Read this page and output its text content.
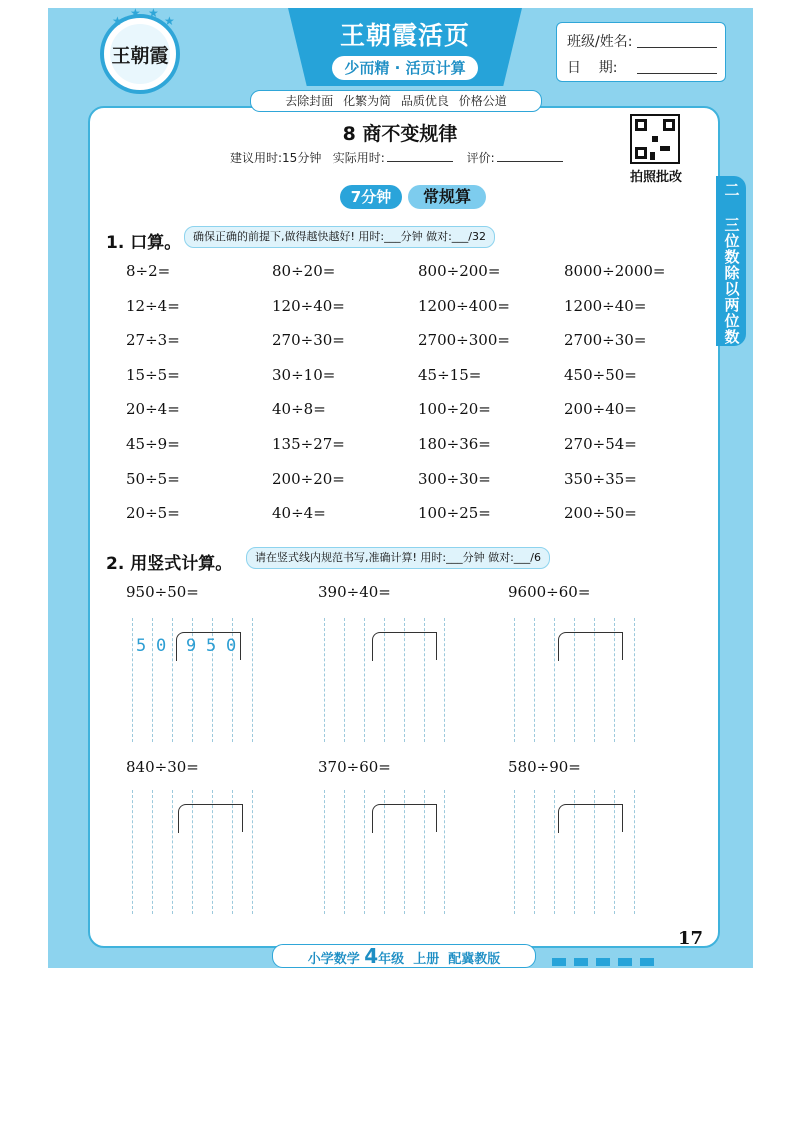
王朝霞
★
★ ★
★	王朝霞活页
少而精 · 活页计算
班级/姓名:
日    期:
去除封面 化繁为简 品质优良 价格公道
8 商不变规律
建议用时:15分钟 实际用时:	评价:
拍照批改
二 三位数除以两位数
7分钟	常规算
1. 口算。	确保正确的前提下,做得越快越好! 用时:___分钟 做对:___/32
8÷2=	80÷20=	800÷200=	8000÷2000=
12÷4=	120÷40=	1200÷400=	1200÷40=
27÷3=	270÷30=	2700÷300=	2700÷30=
15÷5=	30÷10=	45÷15=	450÷50=
20÷4=	40÷8=	100÷20=	200÷40=
45÷9=	135÷27=	180÷36=	270÷54=
50÷5=	200÷20=	300÷30=	350÷35=
20÷5=	40÷4=	100÷25=	200÷50=
2. 用竖式计算。	请在竖式线内规范书写,准确计算! 用时:___分钟 做对:___/6
950÷50=	390÷40=	9600÷60=
840÷30=	370÷60=	580÷90=
5 0 9 5 0
17
小学数学 4年级  上册  配冀教版
